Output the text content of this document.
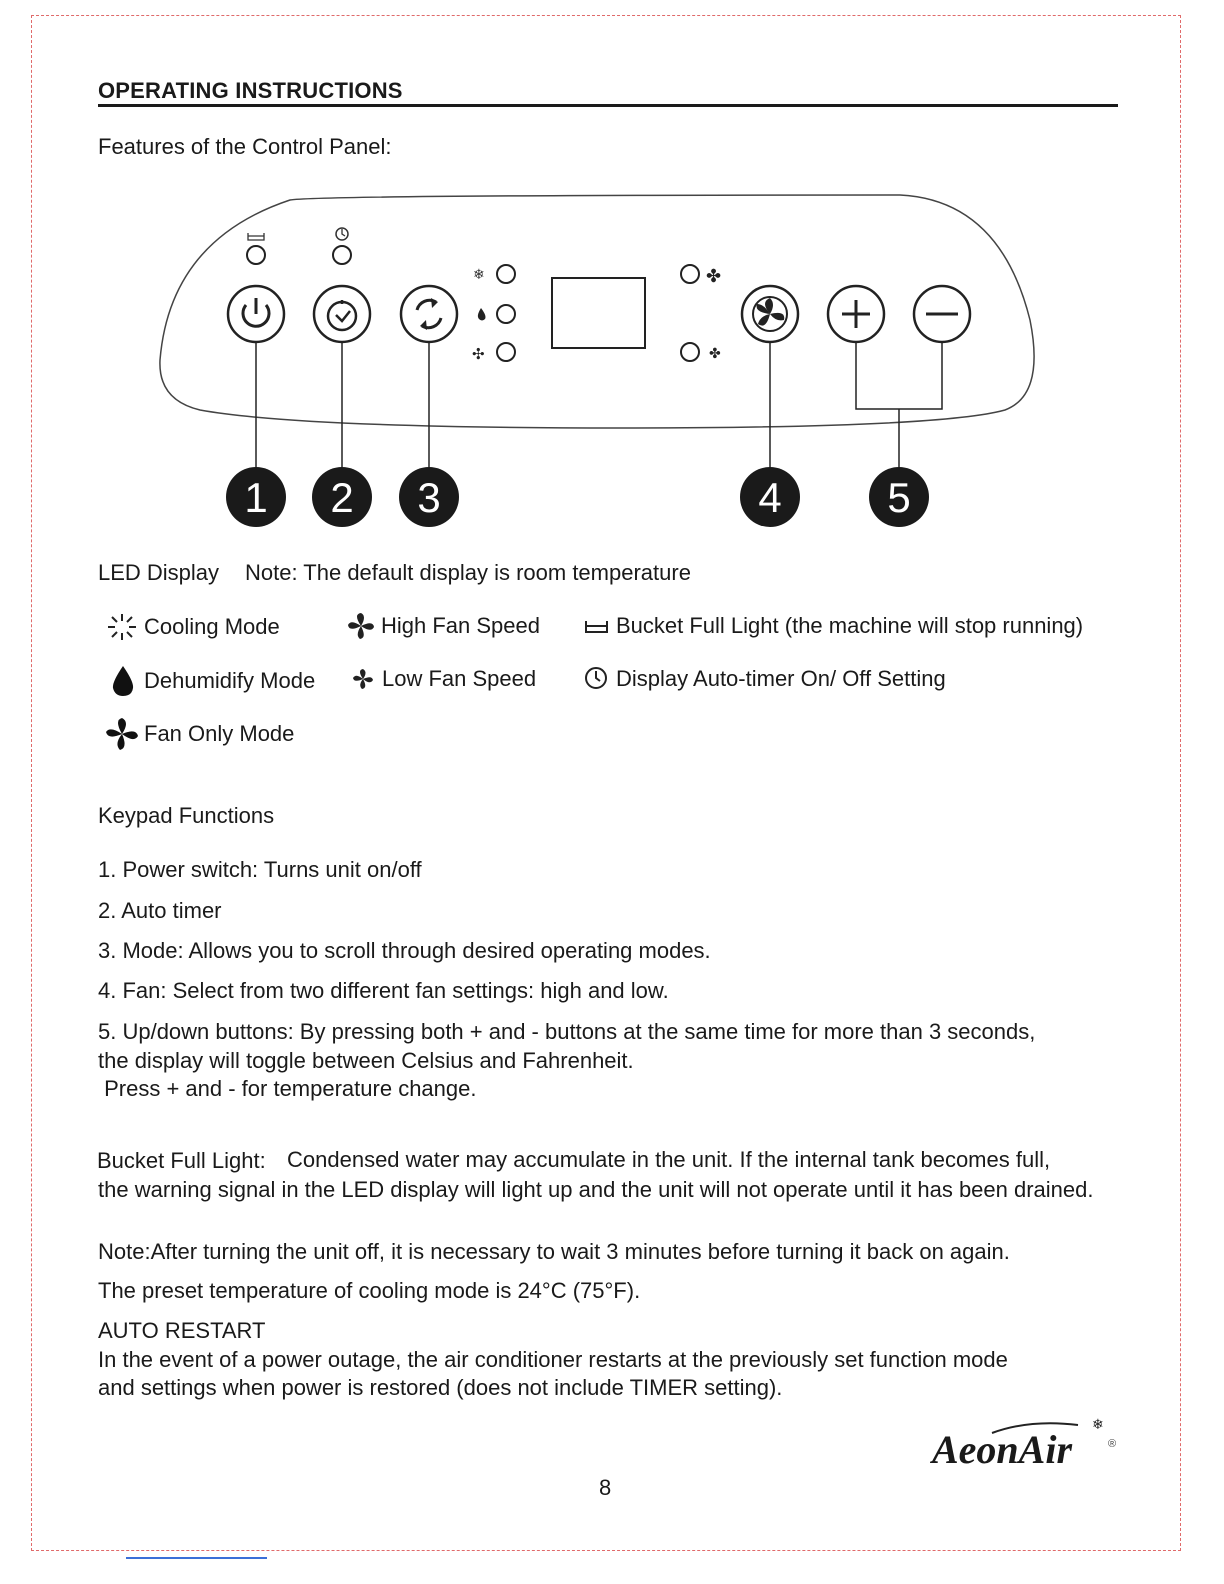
OPERATING INSTRUCTIONS
Features of the Control Panel:
❄
✣
✤
✤
1 2 3	4	5
LED Display Note: The default display is room temperature
Cooling Mode	High Fan Speed	Bucket Full Light (the machine will stop running)
Dehumidify Mode	Low Fan Speed	Display Auto-timer On/ Off Setting
Fan Only Mode
Keypad Functions
1. Power switch: Turns unit on/off
2. Auto timer
3. Mode: Allows you to scroll through desired operating modes.
4. Fan: Select from two different fan settings: high and low.
5. Up/down buttons: By pressing both + and - buttons at the same time for more than 3 seconds,
the display will toggle between Celsius and Fahrenheit.
Press + and - for temperature change.
Bucket Full Light: Condensed water may accumulate in the unit. If the internal tank becomes full,
the warning signal in the LED display will light up and the unit will not operate until it has been drained.
Note:After turning the unit off, it is necessary to wait 3 minutes before turning it back on again.
The preset temperature of cooling mode is 24°C (75°F).
AUTO RESTART
In the event of a power outage, the air conditioner restarts at the previously set function mode
and settings when power is restored (does not include TIMER setting).
AeonAir
❄
®
8
